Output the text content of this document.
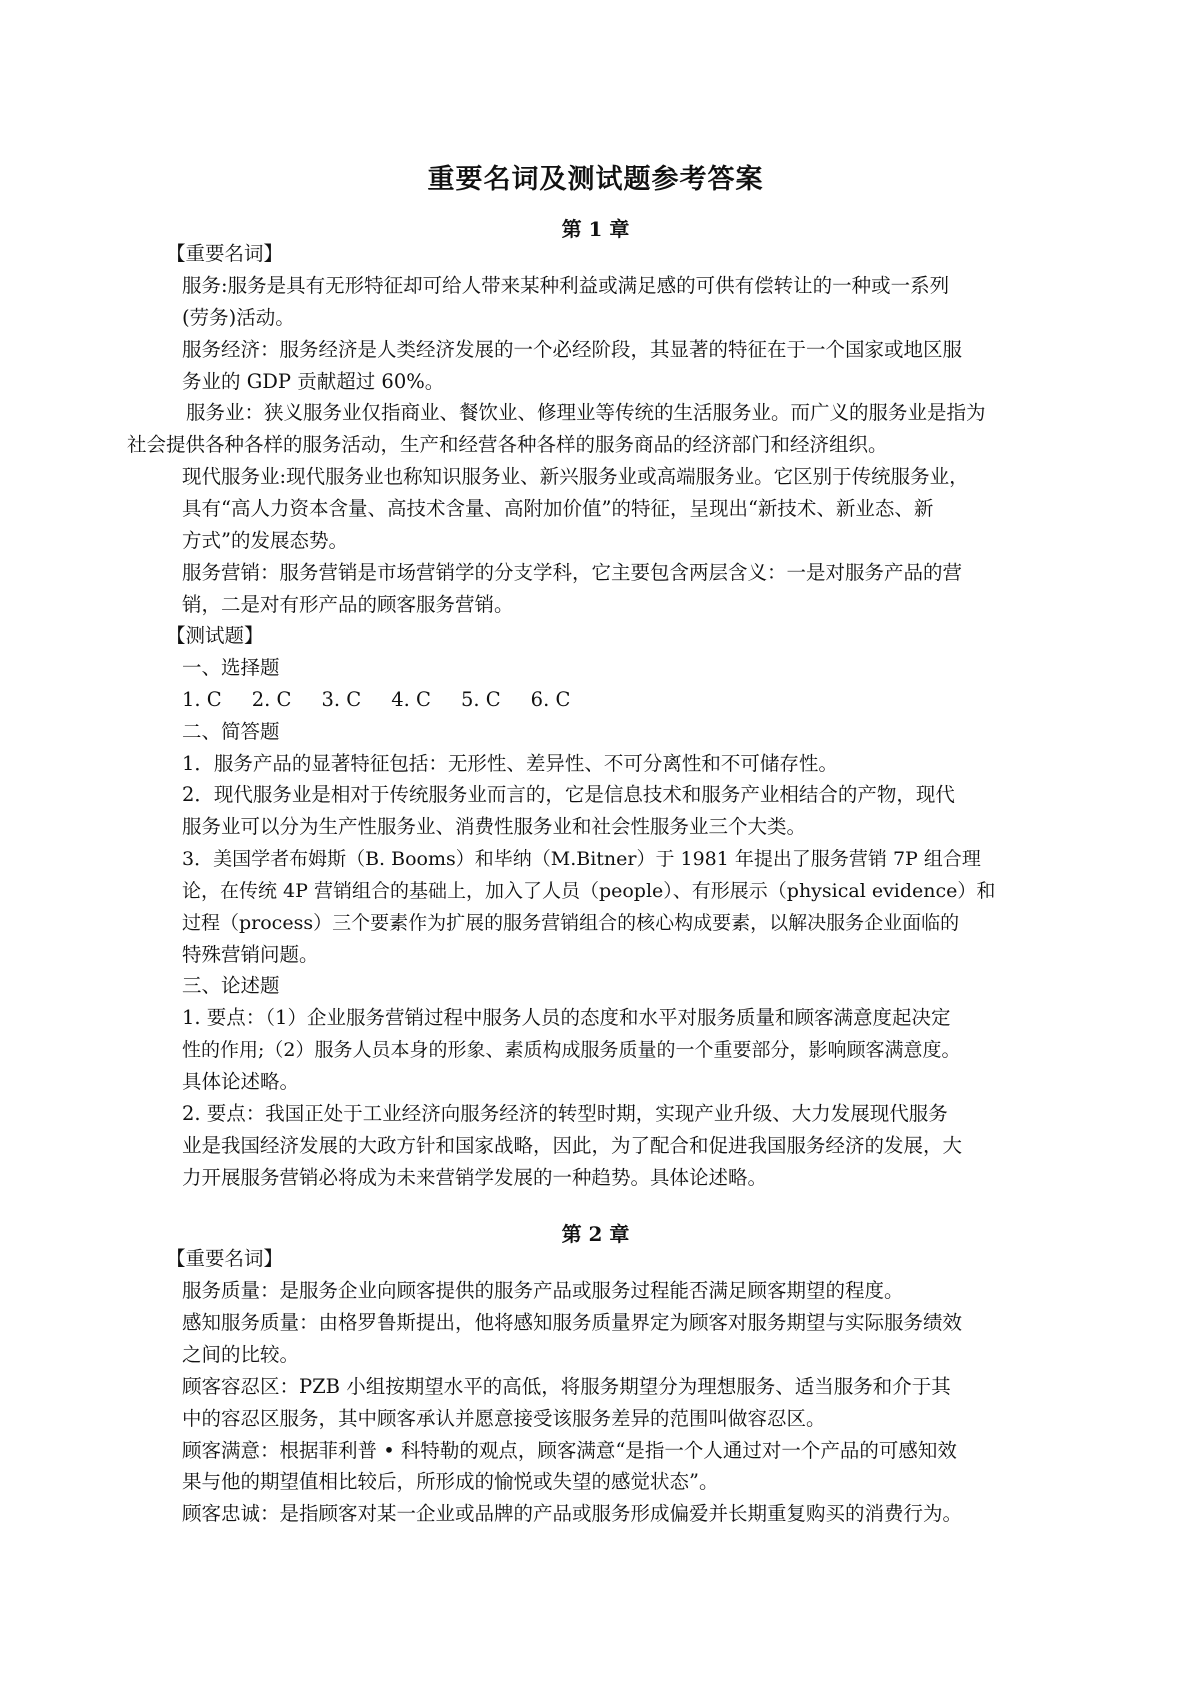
重要名词及测试题参考答案
第 1 章
【重要名词】
服务:服务是具有无形特征却可给人带来某种利益或满足感的可供有偿转让的一种或一系列
(劳务)活动。
服务经济：服务经济是人类经济发展的一个必经阶段，其显著的特征在于一个国家或地区服
务业的 GDP 贡献超过 60%。
服务业：狭义服务业仅指商业、餐饮业、修理业等传统的生活服务业。而广义的服务业是指为
社会提供各种各样的服务活动，生产和经营各种各样的服务商品的经济部门和经济组织。
现代服务业:现代服务业也称知识服务业、新兴服务业或高端服务业。它区别于传统服务业，
具有“高人力资本含量、高技术含量、高附加价值”的特征，呈现出“新技术、新业态、新
方式”的发展态势。
服务营销：服务营销是市场营销学的分支学科，它主要包含两层含义：一是对服务产品的营
销，二是对有形产品的顾客服务营销。
【测试题】
一、选择题
1. C 2. C 3. C 4. C 5. C 6. C
二、简答题
1．服务产品的显著特征包括：无形性、差异性、不可分离性和不可储存性。
2．现代服务业是相对于传统服务业而言的，它是信息技术和服务产业相结合的产物，现代
服务业可以分为生产性服务业、消费性服务业和社会性服务业三个大类。
3．美国学者布姆斯（B. Booms）和毕纳（M.Bitner）于 1981 年提出了服务营销 7P 组合理
论，在传统 4P 营销组合的基础上，加入了人员（people）、有形展示（physical evidence）和
过程（process）三个要素作为扩展的服务营销组合的核心构成要素，以解决服务企业面临的
特殊营销问题。
三、论述题
1. 要点：（1）企业服务营销过程中服务人员的态度和水平对服务质量和顾客满意度起决定
性的作用;（2）服务人员本身的形象、素质构成服务质量的一个重要部分，影响顾客满意度。
具体论述略。
2. 要点：我国正处于工业经济向服务经济的转型时期，实现产业升级、大力发展现代服务
业是我国经济发展的大政方针和国家战略，因此，为了配合和促进我国服务经济的发展，大
力开展服务营销必将成为未来营销学发展的一种趋势。具体论述略。
第 2 章
【重要名词】
服务质量：是服务企业向顾客提供的服务产品或服务过程能否满足顾客期望的程度。
感知服务质量：由格罗鲁斯提出，他将感知服务质量界定为顾客对服务期望与实际服务绩效
之间的比较。
顾客容忍区：PZB 小组按期望水平的高低，将服务期望分为理想服务、适当服务和介于其
中的容忍区服务，其中顾客承认并愿意接受该服务差异的范围叫做容忍区。
顾客满意：根据菲利普 • 科特勒的观点，顾客满意“是指一个人通过对一个产品的可感知效
果与他的期望值相比较后，所形成的愉悦或失望的感觉状态”。
顾客忠诚：是指顾客对某一企业或品牌的产品或服务形成偏爱并长期重复购买的消费行为。
